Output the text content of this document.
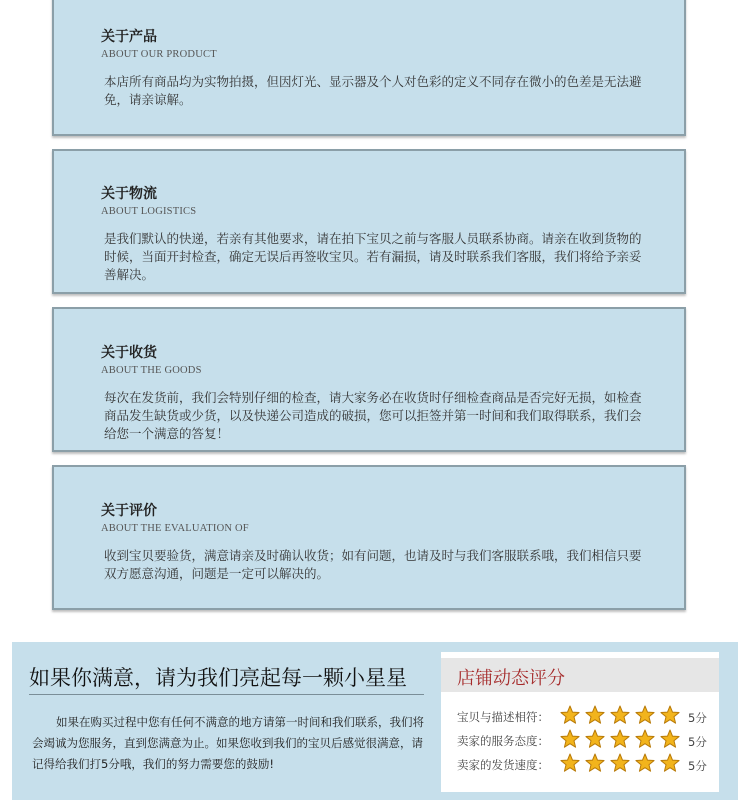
关于产品
ABOUT OUR PRODUCT
本店所有商品均为实物拍摄，但因灯光、显示器及个人对色彩的定义不同存在微小的色差是无法避免，请亲谅解。
关于物流
ABOUT LOGISTICS
是我们默认的快递，若亲有其他要求，请在拍下宝贝之前与客服人员联系协商。请亲在收到货物的时候，当面开封检查，确定无误后再签收宝贝。若有漏损，请及时联系我们客服，我们将给予亲妥善解决。
关于收货
ABOUT THE GOODS
每次在发货前，我们会特别仔细的检查，请大家务必在收货时仔细检查商品是否完好无损，如检查商品发生缺货或少货，以及快递公司造成的破损，您可以拒签并第一时间和我们取得联系，我们会给您一个满意的答复！
关于评价
ABOUT THE EVALUATION OF
收到宝贝要验货，满意请亲及时确认收货；如有问题，也请及时与我们客服联系哦，我们相信只要双方愿意沟通，问题是一定可以解决的。
如果你满意，请为我们亮起每一颗小星星
如果在购买过程中您有任何不满意的地方请第一时间和我们联系，我们将会竭诚为您服务，直到您满意为止。如果您收到我们的宝贝后感觉很满意，请记得给我们打5分哦，我们的努力需要您的鼓励!
店铺动态评分
宝贝与描述相符：	5分
卖家的服务态度：	5分
卖家的发货速度：	5分
